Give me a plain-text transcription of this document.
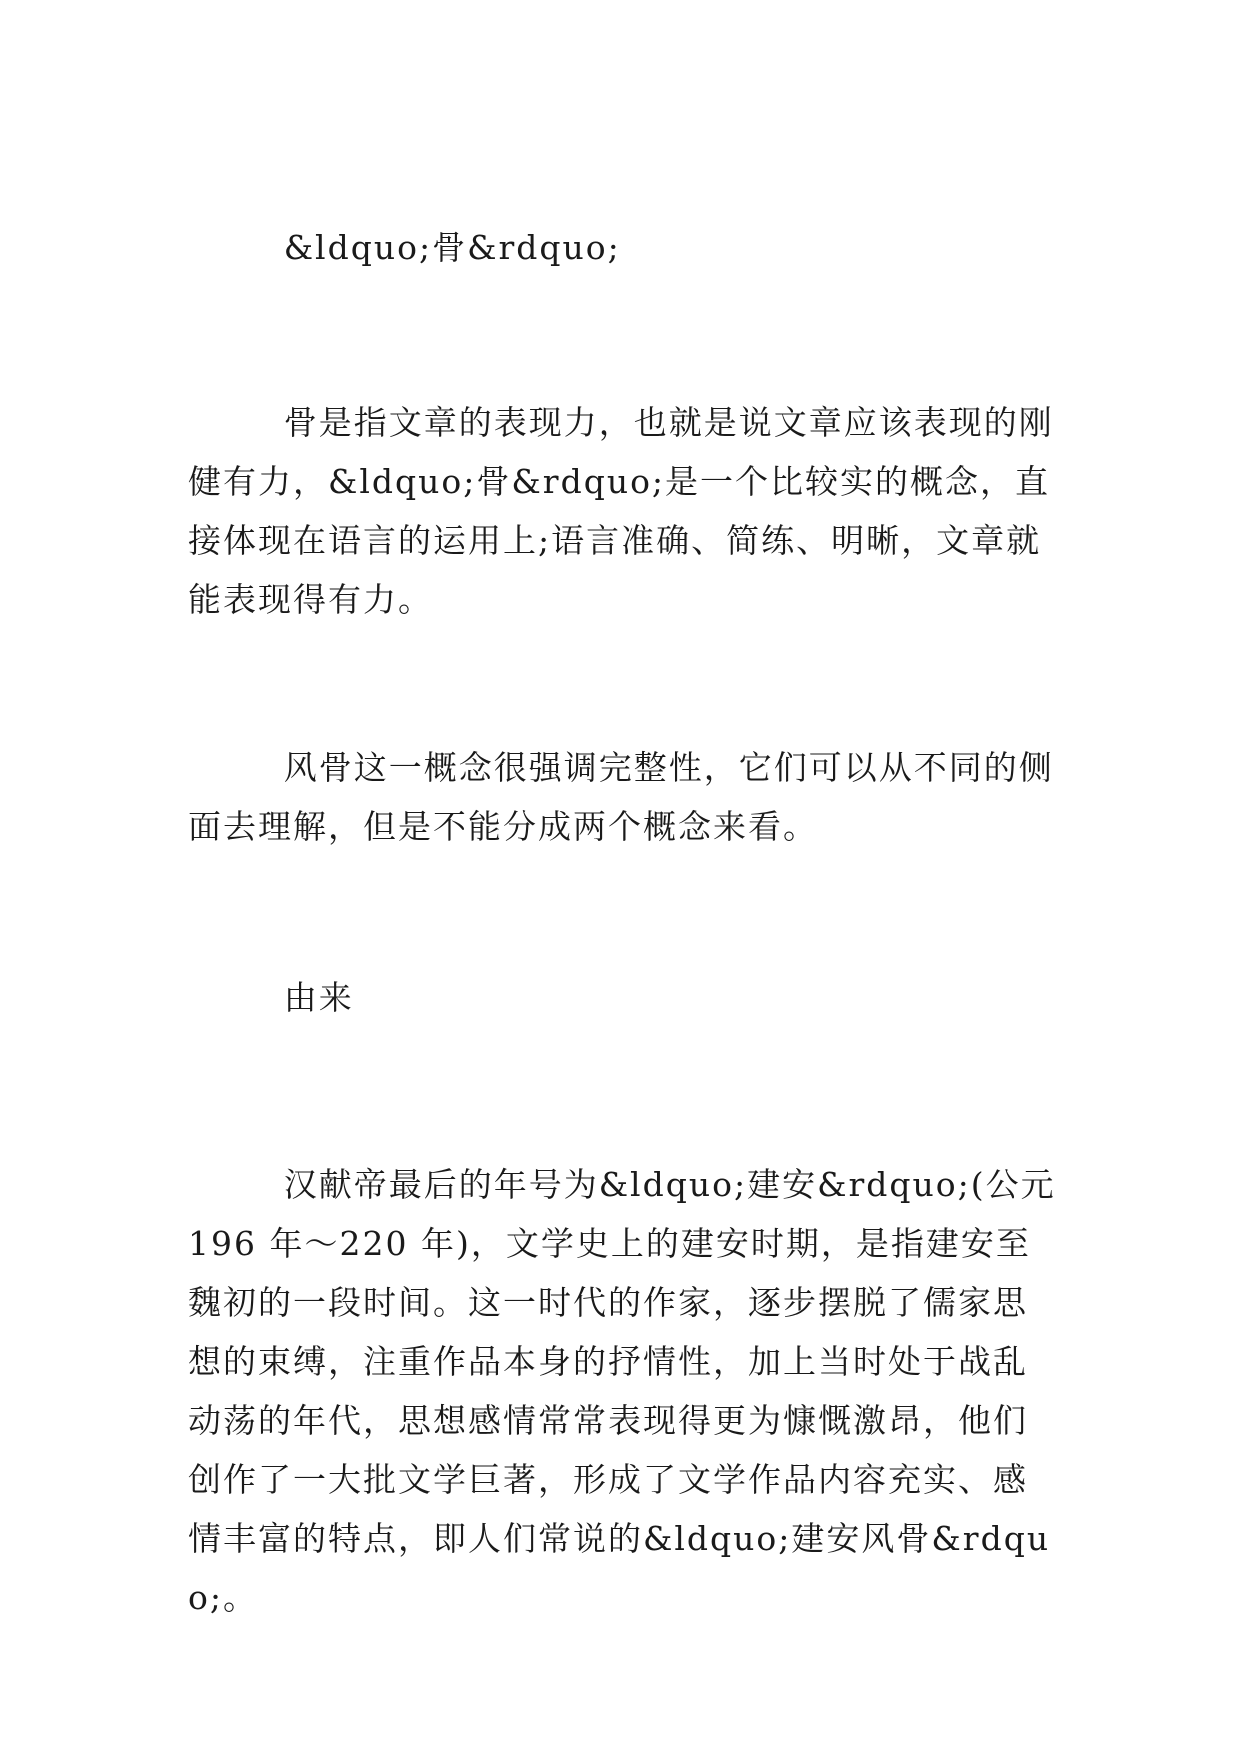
&ldquo;骨&rdquo;

骨是指文章的表现力，也就是说文章应该表现的刚健有力，&ldquo;骨&rdquo;是一个比较实的概念，直接体现在语言的运用上;语言准确、简练、明晰，文章就能表现得有力。

风骨这一概念很强调完整性，它们可以从不同的侧面去理解，但是不能分成两个概念来看。

由来

汉献帝最后的年号为&ldquo;建安&rdquo;(公元 196 年～220 年)，文学史上的建安时期，是指建安至魏初的一段时间。这一时代的作家，逐步摆脱了儒家思想的束缚，注重作品本身的抒情性，加上当时处于战乱动荡的年代，思想感情常常表现得更为慷慨激昂，他们创作了一大批文学巨著，形成了文学作品内容充实、感情丰富的特点，即人们常说的&ldquo;建安风骨&rdquo;。
